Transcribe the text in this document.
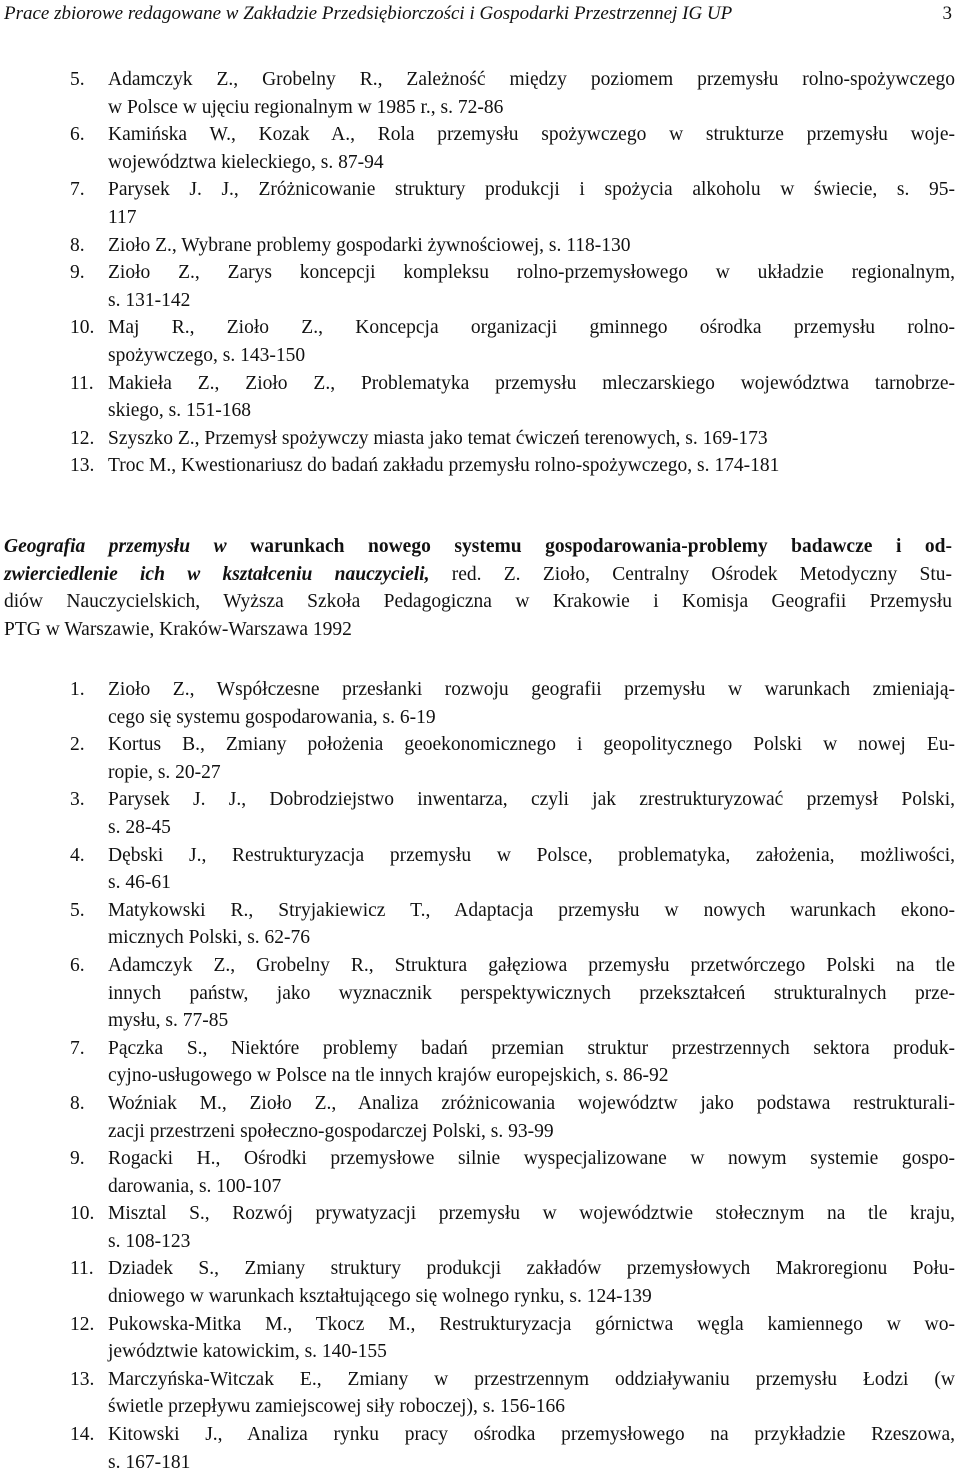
Prace zbiorowe redagowane w Zakładzie Przedsiębiorczości i Gospodarki Przestrzennej IG UP	3
5.	Adamczyk Z., Grobelny R., Zależność między poziomem przemysłu rolno-spożywczego
w Polsce w ujęciu regionalnym w 1985 r., s. 72-86
6.	Kamińska W., Kozak A., Rola przemysłu spożywczego w strukturze przemysłu woje-
województwa kieleckiego, s. 87-94
7.	Parysek J. J., Zróżnicowanie struktury produkcji i spożycia alkoholu w świecie, s. 95-
117
8.	Zioło Z., Wybrane problemy gospodarki żywnościowej, s. 118-130
9.	Zioło Z., Zarys koncepcji kompleksu rolno-przemysłowego w układzie regionalnym,
s. 131-142
10. Maj R., Zioło Z., Koncepcja organizacji gminnego ośrodka przemysłu rolno-
spożywczego, s. 143-150
11. Makieła Z., Zioło Z., Problematyka przemysłu mleczarskiego województwa tarnobrze-
skiego, s. 151-168
12. Szyszko Z., Przemysł spożywczy miasta jako temat ćwiczeń terenowych, s. 169-173
13. Troc M., Kwestionariusz do badań zakładu przemysłu rolno-spożywczego, s. 174-181
Geografia przemysłu w warunkach nowego systemu gospodarowania-problemy badawcze i od-
zwierciedlenie ich w kształceniu nauczycieli, red. Z. Zioło, Centralny Ośrodek Metodyczny Stu-
diów Nauczycielskich, Wyższa Szkoła Pedagogiczna w Krakowie i Komisja Geografii Przemysłu
PTG w Warszawie, Kraków-Warszawa 1992
1.	Zioło Z., Współczesne przesłanki rozwoju geografii przemysłu w warunkach zmieniają-
cego się systemu gospodarowania, s. 6-19
2.	Kortus B., Zmiany położenia geoekonomicznego i geopolitycznego Polski w nowej Eu-
ropie, s. 20-27
3.	Parysek J. J., Dobrodziejstwo inwentarza, czyli jak zrestrukturyzować przemysł Polski,
s. 28-45
4.	Dębski J., Restrukturyzacja przemysłu w Polsce, problematyka, założenia, możliwości,
s. 46-61
5.	Matykowski R., Stryjakiewicz T., Adaptacja przemysłu w nowych warunkach ekono-
micznych Polski, s. 62-76
6.	Adamczyk Z., Grobelny R., Struktura gałęziowa przemysłu przetwórczego Polski na tle
innych państw, jako wyznacznik perspektywicznych przekształceń strukturalnych prze-
mysłu, s. 77-85
7.	Pączka S., Niektóre problemy badań przemian struktur przestrzennych sektora produk-
cyjno-usługowego w Polsce na tle innych krajów europejskich, s. 86-92
8.	Woźniak M., Zioło Z., Analiza zróżnicowania województw jako podstawa restrukturali-
zacji przestrzeni społeczno-gospodarczej Polski, s. 93-99
9.	Rogacki H., Ośrodki przemysłowe silnie wyspecjalizowane w nowym systemie gospo-
darowania, s. 100-107
10. Misztal S., Rozwój prywatyzacji przemysłu w województwie stołecznym na tle kraju,
s. 108-123
11. Dziadek S., Zmiany struktury produkcji zakładów przemysłowych Makroregionu Połu-
dniowego w warunkach kształtującego się wolnego rynku, s. 124-139
12. Pukowska-Mitka M., Tkocz M., Restrukturyzacja górnictwa węgla kamiennego w wo-
jewództwie katowickim, s. 140-155
13. Marczyńska-Witczak E., Zmiany w przestrzennym oddziaływaniu przemysłu Łodzi (w
świetle przepływu zamiejscowej siły roboczej), s. 156-166
14. Kitowski J., Analiza rynku pracy ośrodka przemysłowego na przykładzie Rzeszowa,
s. 167-181
